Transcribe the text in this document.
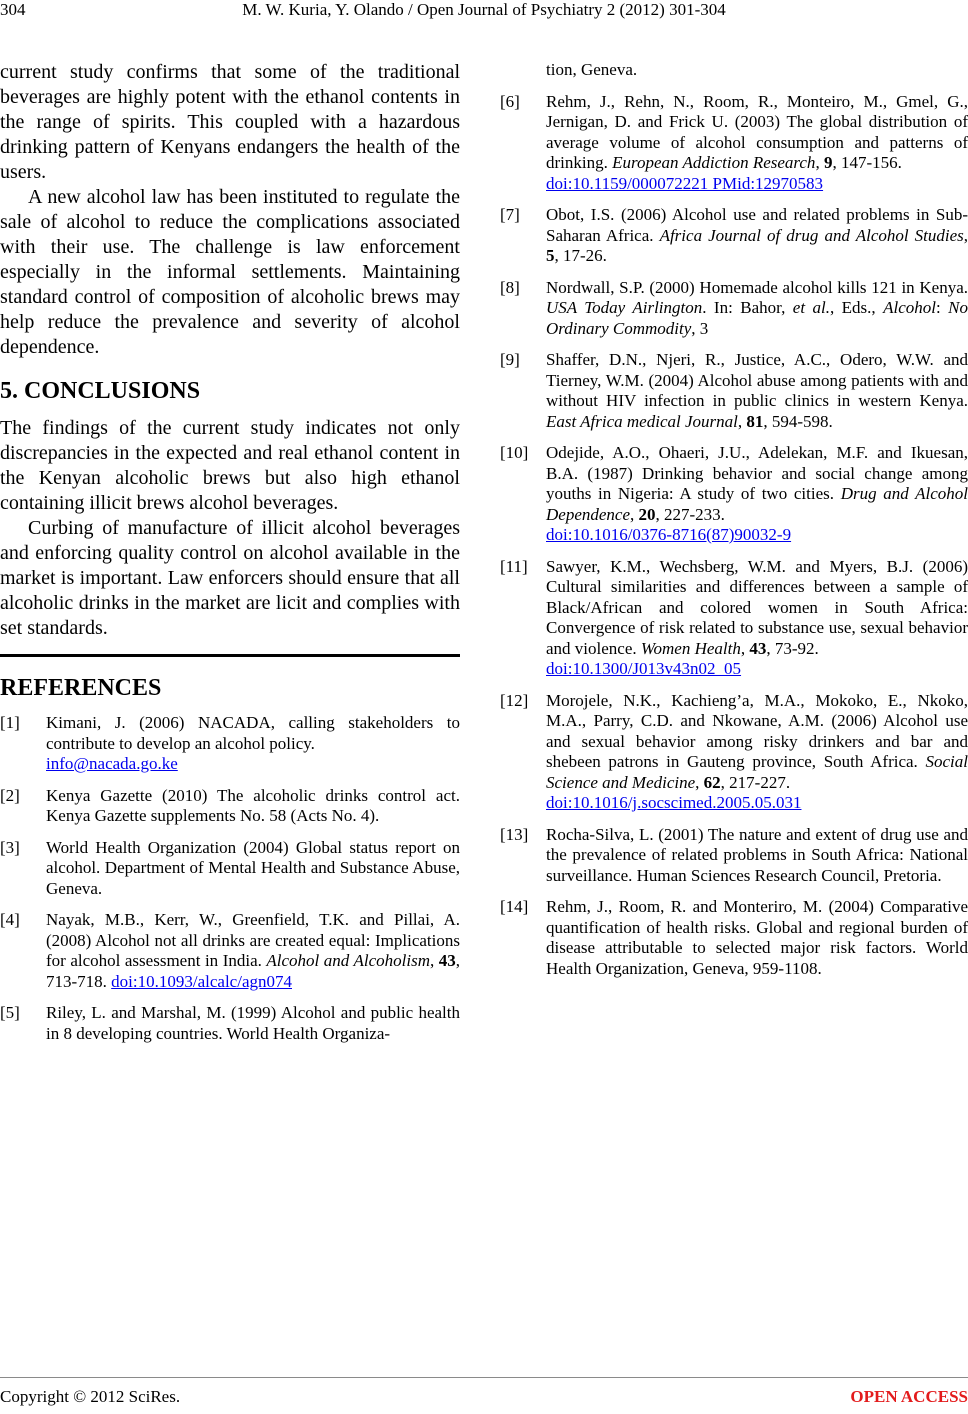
304	M. W. Kuria, Y. Olando / Open Journal of Psychiatry 2 (2012) 301-304

current study confirms that some of the traditional beverages are highly potent with the ethanol contents in the range of spirits. This coupled with a hazardous drinking pattern of Kenyans endangers the health of the users.

A new alcohol law has been instituted to regulate the sale of alcohol to reduce the complications associated with their use. The challenge is law enforcement especially in the informal settlements. Maintaining standard control of composition of alcoholic brews may help reduce the prevalence and severity of alcohol dependence.

5. CONCLUSIONS

The findings of the current study indicates not only discrepancies in the expected and real ethanol content in the Kenyan alcoholic brews but also high ethanol containing illicit brews alcohol beverages.

Curbing of manufacture of illicit alcohol beverages and enforcing quality control on alcohol available in the market is important. Law enforcers should ensure that all alcoholic drinks in the market are licit and complies with set standards.

REFERENCES
[1] Kimani, J. (2006) NACADA, calling stakeholders to contribute to develop an alcohol policy.
info@nacada.go.ke
[2] Kenya Gazette (2010) The alcoholic drinks control act. Kenya Gazette supplements No. 58 (Acts No. 4).
[3] World Health Organization (2004) Global status report on alcohol. Department of Mental Health and Substance Abuse, Geneva.
[4] Nayak, M.B., Kerr, W., Greenfield, T.K. and Pillai, A. (2008) Alcohol not all drinks are created equal: Implications for alcohol assessment in India. Alcohol and Alcoholism, 43, 713-718. doi:10.1093/alcalc/agn074
[5] Riley, L. and Marshal, M. (1999) Alcohol and public health in 8 developing countries. World Health Organiza-

tion, Geneva.

[6] Rehm, J., Rehn, N., Room, R., Monteiro, M., Gmel, G., Jernigan, D. and Frick U. (2003) The global distribution of average volume of alcohol consumption and patterns of drinking. European Addiction Research, 9, 147-156.
doi:10.1159/000072221 PMid:12970583
[7] Obot, I.S. (2006) Alcohol use and related problems in Sub-Saharan Africa. Africa Journal of drug and Alcohol Studies, 5, 17-26.
[8] Nordwall, S.P. (2000) Homemade alcohol kills 121 in Kenya. USA Today Airlington. In: Bahor, et al., Eds., Alcohol: No Ordinary Commodity, 3
[9] Shaffer, D.N., Njeri, R., Justice, A.C., Odero, W.W. and Tierney, W.M. (2004) Alcohol abuse among patients with and without HIV infection in public clinics in western Kenya. East Africa medical Journal, 81, 594-598.
[10] Odejide, A.O., Ohaeri, J.U., Adelekan, M.F. and Ikuesan, B.A. (1987) Drinking behavior and social change among youths in Nigeria: A study of two cities. Drug and Alcohol Dependence, 20, 227-233.
doi:10.1016/0376-8716(87)90032-9
[11] Sawyer, K.M., Wechsberg, W.M. and Myers, B.J. (2006) Cultural similarities and differences between a sample of Black/African and colored women in South Africa: Convergence of risk related to substance use, sexual behavior and violence. Women Health, 43, 73-92.
doi:10.1300/J013v43n02_05
[12] Morojele, N.K., Kachieng’a, M.A., Mokoko, E., Nkoko, M.A., Parry, C.D. and Nkowane, A.M. (2006) Alcohol use and sexual behavior among risky drinkers and bar and shebeen patrons in Gauteng province, South Africa. Social Science and Medicine, 62, 217-227.
doi:10.1016/j.socscimed.2005.05.031
[13] Rocha-Silva, L. (2001) The nature and extent of drug use and the prevalence of related problems in South Africa: National surveillance. Human Sciences Research Council, Pretoria.
[14] Rehm, J., Room, R. and Monteriro, M. (2004) Comparative quantification of health risks. Global and regional burden of disease attributable to selected major risk factors. World Health Organization, Geneva, 959-1108.
Copyright © 2012 SciRes.	OPEN ACCESS
